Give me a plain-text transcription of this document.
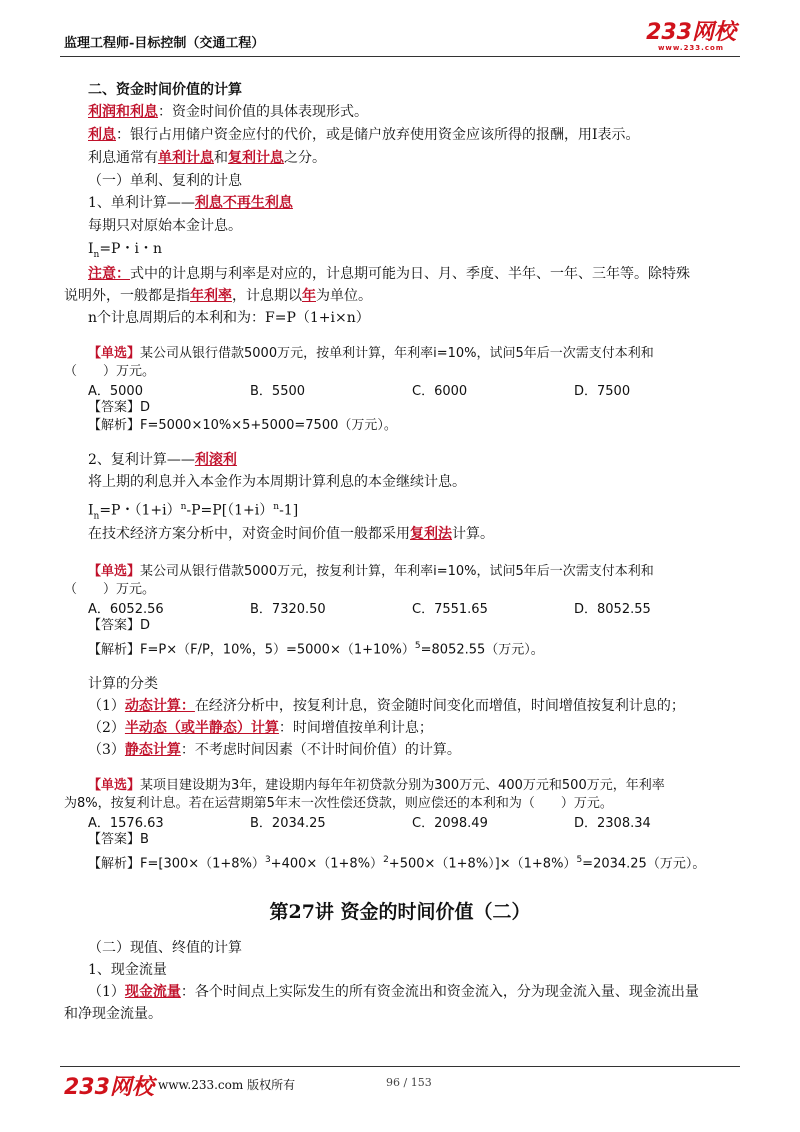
监理工程师-目标控制（交通工程）	233网校
www.233.com
二、资金时间价值的计算
利润和利息：资金时间价值的具体表现形式。
利息：银行占用储户资金应付的代价，或是储户放弃使用资金应该所得的报酬，用I表示。
利息通常有单利计息和复利计息之分。
（一）单利、复利的计息
1、单利计算——利息不再生利息
每期只对原始本金计息。
$I_n=P$・i・n
注意：式中的计息期与利率是对应的，计息期可能为日、月、季度、半年、一年、三年等。除特殊
说明外，一般都是指年利率，计息期以年为单位。
n个计息周期后的本利和为：F=P（1+i×n）
【单选】某公司从银行借款5000万元，按单利计算，年利率i=10%，试问5年后一次需支付本利和
（　　）万元。
A．5000	B．5500	C．6000	D．7500
【答案】D
【解析】F=5000×10%×5+5000=7500（万元）。
2、复利计算——利滚利
将上期的利息并入本金作为本周期计算利息的本金继续计息。
$I_n=P$・$(1+i)^n-P=P[(1+i)^n-1]$
在技术经济方案分析中，对资金时间价值一般都采用复利法计算。
【单选】某公司从银行借款5000万元，按复利计算，年利率i=10%，试问5年后一次需支付本利和
（　　）万元。
A．6052.56	B．7320.50	C．7551.65	D．8052.55
【答案】D
【解析】F=P×（F/P，10%，$5)=5000\times(1+10\%)^5=8052.55$（万元）。
计算的分类
（1）动态计算：在经济分析中，按复利计息，资金随时间变化而增值，时间增值按复利计息的；
（2）半动态（或半静态）计算：时间增值按单利计息；
（3）静态计算：不考虑时间因素（不计时间价值）的计算。
【单选】某项目建设期为3年，建设期内每年年初贷款分别为300万元、400万元和500万元，年利率
为8%，按复利计息。若在运营期第5年末一次性偿还贷款，则应偿还的本利和为（　　）万元。
A．1576.63	B．2034.25	C．2098.49	D．2308.34
【答案】B
【解析】$F=[300\times(1+8\%)^3+400\times(1+8\%)^2+500\times(1+8\%)]\times(1+8\%)^5=2034.25$（万元）。
第27讲 资金的时间价值（二）
（二）现值、终值的计算
1、现金流量
（1）现金流量：各个时间点上实际发生的所有资金流出和资金流入，分为现金流入量、现金流出量
和净现金流量。
233网校 www.233.com 版权所有	96 / 153
